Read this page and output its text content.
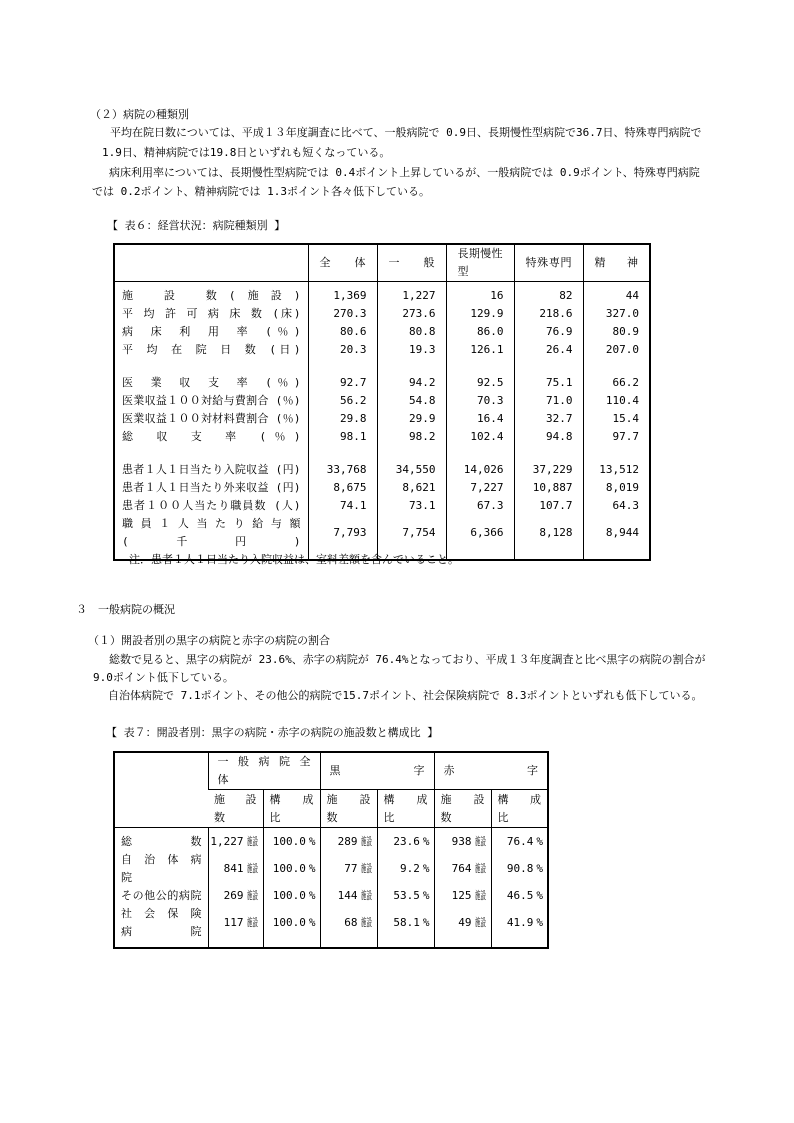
（２）病院の種類別
平均在院日数については、平成１３年度調査に比べて、一般病院で 0.9日、長期慢性型病院で36.7日、特殊専門病院で
1.9日、精神病院では19.8日といずれも短くなっている。
病床利用率については、長期慢性型病院では 0.4ポイント上昇しているが、一般病院では 0.9ポイント、特殊専門病院
では 0.2ポイント、精神病院では 1.3ポイント各々低下している。
【 表６：経営状況：病院種類別 】
	全　体	一　般	長期慢性型	特殊専門	精　神

施 設 数(施設)	1,369	1,227	16	82	44
平 均 許 可 病 床 数 (床)	270.3	273.6	129.9	218.6	327.0
病 床 利 用 率 (％)	80.6	80.8	86.0	76.9	80.9
平 均 在 院 日 数 (日)	20.3	19.3	126.1	26.4	207.0

医 業 収 支 率 (％)	92.7	94.2	92.5	75.1	66.2
医業収益１００対給与費割合 (％)	56.2	54.8	70.3	71.0	110.4
医業収益１００対材料費割合 (％)	29.8	29.9	16.4	32.7	15.4
総 収 支 率 (％)	98.1	98.2	102.4	94.8	97.7

患者１人１日当たり入院収益 (円)	33,768	34,550	14,026	37,229	13,512
患者１人１日当たり外来収益 (円)	8,675	8,621	7,227	10,887	8,019
患者１００人当たり職員数 (人)	74.1	73.1	67.3	107.7	64.3
職 員 １ 人 当 た り 給 与 額(千円)	7,793	7,754	6,366	8,128	8,944

注．患者１人１日当たり入院収益は、室料差額を含んでいること。
３　一般病院の概況
（１）開設者別の黒字の病院と赤字の病院の割合
総数で見ると、黒字の病院が 23.6%、赤字の病院が 76.4%となっており、平成１３年度調査と比べ黒字の病院の割合が
9.0ポイント低下している。
自治体病院で 7.1ポイント、その他公的病院で15.7ポイント、社会保険病院で 8.3ポイントといずれも低下している。
【 表７：開設者別：黒字の病院・赤字の病院の施設数と構成比 】
	一 般 病 院 全 体		黒　字		赤　字	
	施 設 数	構 成 比	施 設 数	構 成 比	施 設 数	構 成 比

総　数	1,227 施設	100.0 %	289 施設	23.6 %	938 施設	76.4 %

自 治 体 病 院	841 施設	100.0 %	77 施設	9.2 %	764 施設	90.8 %

その他公的病院	269 施設	100.0 %	144 施設	53.5 %	125 施設	46.5 %

社 会 保 険 病 院	117 施設	100.0 %	68 施設	58.1 %	49 施設	41.9 %
